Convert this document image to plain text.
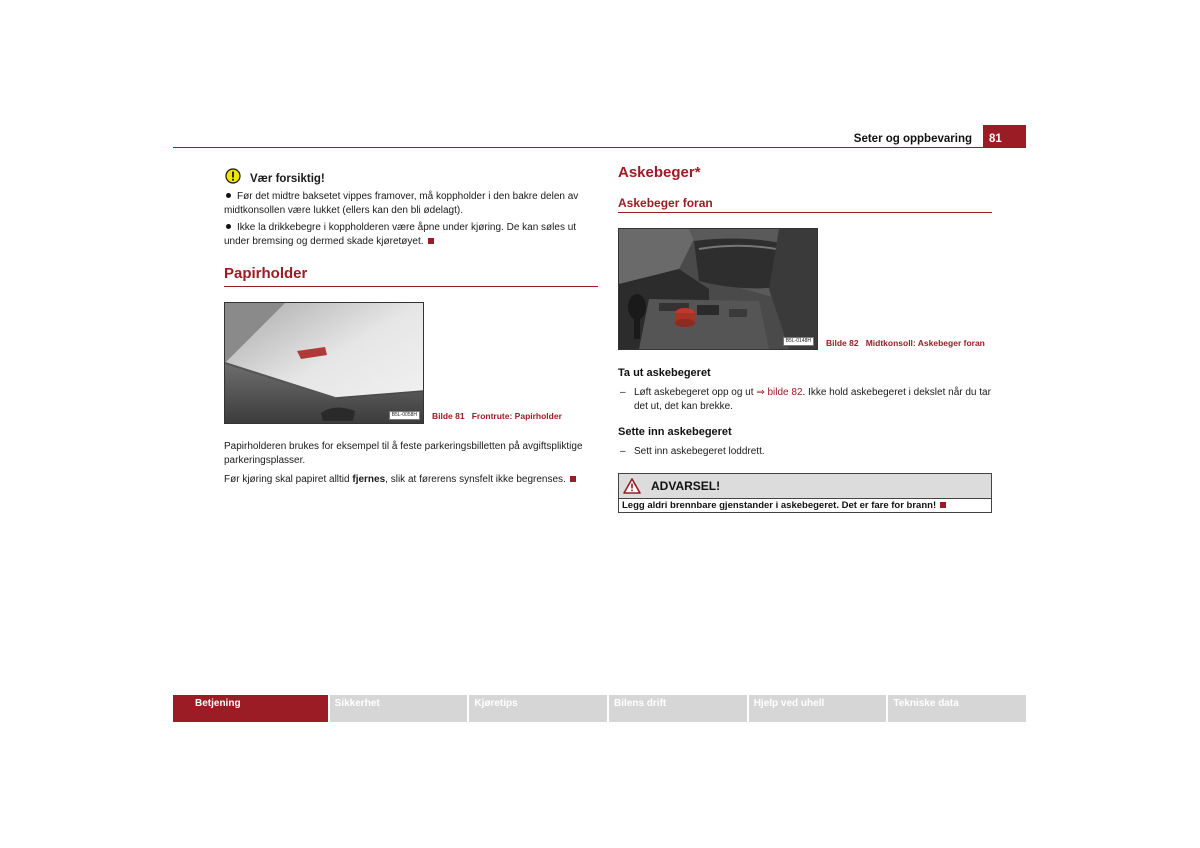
Seter og oppbevaring	81
Vær forsiktig!
Før det midtre baksetet vippes framover, må koppholder i den bakre delen av midtkonsollen være lukket (ellers kan den bli ødelagt).
Ikke la drikkebegre i koppholderen være åpne under kjøring. De kan søles ut under bremsing og dermed skade kjøretøyet.
Papirholder
B5L-0058H	Bilde 81 Frontrute: Papirholder
Papirholderen brukes for eksempel til å feste parkeringsbilletten på avgiftspliktige parkeringsplasser.
Før kjøring skal papiret alltid fjernes, slik at førerens synsfelt ikke begrenses.
Askebeger*
Askebeger foran
B5L-0148H	Bilde 82 Midtkonsoll: Askebeger foran
Ta ut askebegeret
– Løft askebegeret opp og ut ⇒ bilde 82. Ikke hold askebegeret i dekslet når du tar det ut, det kan brekke.
Sette inn askebegeret
– Sett inn askebegeret loddrett.
ADVARSEL!
Legg aldri brennbare gjenstander i askebegeret. Det er fare for brann!
Betjening	Sikkerhet	Kjøretips	Bilens drift	Hjelp ved uhell	Tekniske data
